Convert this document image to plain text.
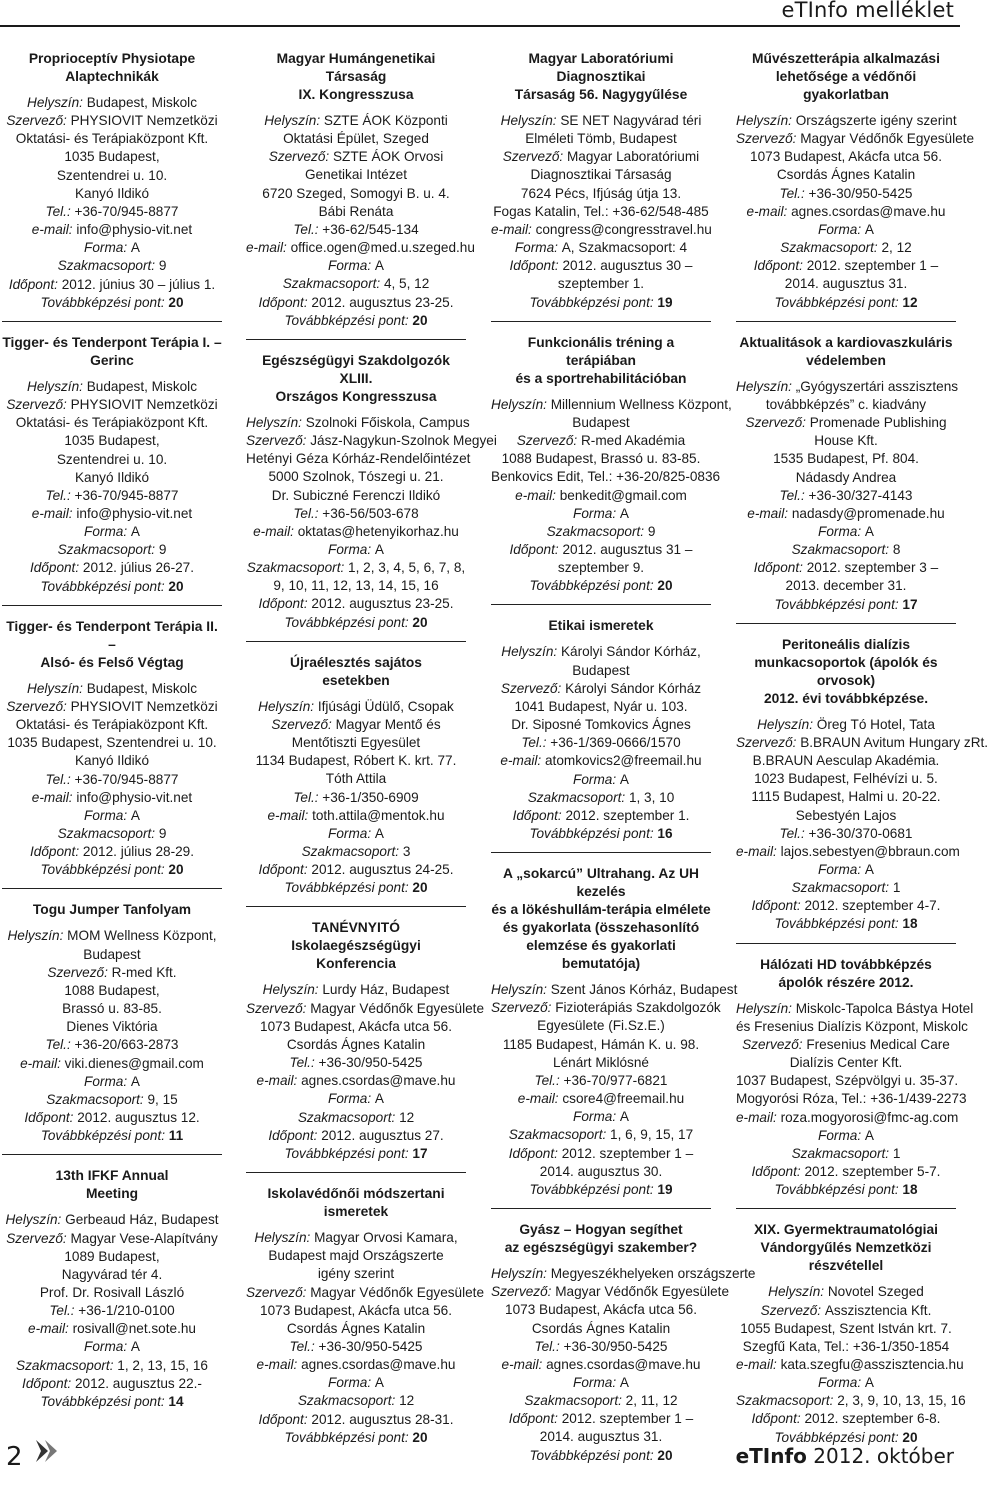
eTInfo melléklet
Proprioceptív Physiotape
Alaptechnikák
Helyszín: Budapest, Miskolc
Szervező: PHYSIOVIT Nemzetközi
Oktatási- és Terápiaközpont Kft.
1035 Budapest,
Szentendrei u. 10.
Kanyó Ildikó
Tel.: +36-70/945-8877
e-mail: info@physio-vit.net
Forma: A
Szakmacsoport: 9
Időpont: 2012. június 30 – július 1.
Továbbképzési pont: 20
Tigger- és Tenderpont Terápia I. –
Gerinc
Helyszín: Budapest, Miskolc
Szervező: PHYSIOVIT Nemzetközi
Oktatási- és Terápiaközpont Kft.
1035 Budapest,
Szentendrei u. 10.
Kanyó Ildikó
Tel.: +36-70/945-8877
e-mail: info@physio-vit.net
Forma: A
Szakmacsoport: 9
Időpont: 2012. július 26-27.
Továbbképzési pont: 20
Tigger- és Tenderpont Terápia II. –
Alsó- és Felső Végtag
Helyszín: Budapest, Miskolc
Szervező: PHYSIOVIT Nemzetközi
Oktatási- és Terápiaközpont Kft.
1035 Budapest, Szentendrei u. 10.
Kanyó Ildikó
Tel.: +36-70/945-8877
e-mail: info@physio-vit.net
Forma: A
Szakmacsoport: 9
Időpont: 2012. július 28-29.
Továbbképzési pont: 20
Togu Jumper Tanfolyam
Helyszín: MOM Wellness Központ,
Budapest
Szervező: R-med Kft.
1088 Budapest,
Brassó u. 83-85.
Dienes Viktória
Tel.: +36-20/663-2873
e-mail: viki.dienes@gmail.com
Forma: A
Szakmacsoport: 9, 15
Időpont: 2012. augusztus 12.
Továbbképzési pont: 11
13th IFKF Annual
Meeting
Helyszín: Gerbeaud Ház, Budapest
Szervező: Magyar Vese-Alapítvány
1089 Budapest,
Nagyvárad tér 4.
Prof. Dr. Rosivall László
Tel.: +36-1/210-0100
e-mail: rosivall@net.sote.hu
Forma: A
Szakmacsoport: 1, 2, 13, 15, 16
Időpont: 2012. augusztus 22.-
Továbbképzési pont: 14
Magyar Humángenetikai Társaság
IX. Kongresszusa
Helyszín: SZTE ÁOK Központi
Oktatási Épület, Szeged
Szervező: SZTE ÁOK Orvosi
Genetikai Intézet
6720 Szeged, Somogyi B. u. 4.
Bábi Renáta
Tel.: +36-62/545-134
e-mail: office.ogen@med.u.szeged.hu
Forma: A
Szakmacsoport: 4, 5, 12
Időpont: 2012. augusztus 23-25.
Továbbképzési pont: 20
Egészségügyi Szakdolgozók XLIII.
Országos Kongresszusa
Helyszín: Szolnoki Főiskola, Campus
Szervező: Jász-Nagykun-Szolnok Megyei
Hetényi Géza Kórház-Rendelőintézet
5000 Szolnok, Tószegi u. 21.
Dr. Subiczné Ferenczi Ildikó
Tel.: +36-56/503-678
e-mail: oktatas@hetenyikorhaz.hu
Forma: A
Szakmacsoport: 1, 2, 3, 4, 5, 6, 7, 8,
9, 10, 11, 12, 13, 14, 15, 16
Időpont: 2012. augusztus 23-25.
Továbbképzési pont: 20
Újraélesztés sajátos
esetekben
Helyszín: Ifjúsági Üdülő, Csopak
Szervező: Magyar Mentő és
Mentőtiszti Egyesület
1134 Budapest, Róbert K. krt. 77.
Tóth Attila
Tel.: +36-1/350-6909
e-mail: toth.attila@mentok.hu
Forma: A
Szakmacsoport: 3
Időpont: 2012. augusztus 24-25.
Továbbképzési pont: 20
TANÉVNYITÓ Iskolaegészségügyi
Konferencia
Helyszín: Lurdy Ház, Budapest
Szervező: Magyar Védőnők Egyesülete
1073 Budapest, Akácfa utca 56.
Csordás Ágnes Katalin
Tel.: +36-30/950-5425
e-mail: agnes.csordas@mave.hu
Forma: A
Szakmacsoport: 12
Időpont: 2012. augusztus 27.
Továbbképzési pont: 17
Iskolavédőnői módszertani
ismeretek
Helyszín: Magyar Orvosi Kamara,
Budapest majd Országszerte
igény szerint
Szervező: Magyar Védőnők Egyesülete
1073 Budapest, Akácfa utca 56.
Csordás Ágnes Katalin
Tel.: +36-30/950-5425
e-mail: agnes.csordas@mave.hu
Forma: A
Szakmacsoport: 12
Időpont: 2012. augusztus 28-31.
Továbbképzési pont: 20
Magyar Laboratóriumi Diagnosztikai
Társaság 56. Nagygyűlése
Helyszín: SE NET Nagyvárad téri
Elméleti Tömb, Budapest
Szervező: Magyar Laboratóriumi
Diagnosztikai Társaság
7624 Pécs, Ifjúság útja 13.
Fogas Katalin, Tel.: +36-62/548-485
e-mail: congress@congresstravel.hu
Forma: A, Szakmacsoport: 4
Időpont: 2012. augusztus 30 –
szeptember 1.
Továbbképzési pont: 19
Funkcionális tréning a terápiában
és a sportrehabilitációban
Helyszín: Millennium Wellness Központ,
Budapest
Szervező: R-med Akadémia
1088 Budapest, Brassó u. 83-85.
Benkovics Edit, Tel.: +36-20/825-0836
e-mail: benkedit@gmail.com
Forma: A
Szakmacsoport: 9
Időpont: 2012. augusztus 31 –
szeptember 9.
Továbbképzési pont: 20
Etikai ismeretek
Helyszín: Károlyi Sándor Kórház,
Budapest
Szervező: Károlyi Sándor Kórház
1041 Budapest, Nyár u. 103.
Dr. Siposné Tomkovics Ágnes
Tel.: +36-1/369-0666/1570
e-mail: atomkovics2@freemail.hu
Forma: A
Szakmacsoport: 1, 3, 10
Időpont: 2012. szeptember 1.
Továbbképzési pont: 16
A „sokarcú” Ultrahang. Az UH kezelés
és a lökéshullám-terápia elmélete
és gyakorlata (összehasonlító
elemzése és gyakorlati bemutatója)
Helyszín: Szent János Kórház, Budapest
Szervező: Fizioterápiás Szakdolgozók
Egyesülete (Fi.Sz.E.)
1185 Budapest, Hámán K. u. 98.
Lénárt Miklósné
Tel.: +36-70/977-6821
e-mail: csore4@freemail.hu
Forma: A
Szakmacsoport: 1, 6, 9, 15, 17
Időpont: 2012. szeptember 1 –
2014. augusztus 30.
Továbbképzési pont: 19
Gyász – Hogyan segíthet
az egészségügyi szakember?
Helyszín: Megyeszékhelyeken országszerte
Szervező: Magyar Védőnők Egyesülete
1073 Budapest, Akácfa utca 56.
Csordás Ágnes Katalin
Tel.: +36-30/950-5425
e-mail: agnes.csordas@mave.hu
Forma: A
Szakmacsoport: 2, 11, 12
Időpont: 2012. szeptember 1 –
2014. augusztus 31.
Továbbképzési pont: 20
Művészetterápia alkalmazási
lehetősége a védőnői gyakorlatban
Helyszín: Országszerte igény szerint
Szervező: Magyar Védőnők Egyesülete
1073 Budapest, Akácfa utca 56.
Csordás Ágnes Katalin
Tel.: +36-30/950-5425
e-mail: agnes.csordas@mave.hu
Forma: A
Szakmacsoport: 2, 12
Időpont: 2012. szeptember 1 –
2014. augusztus 31.
Továbbképzési pont: 12
Aktualitások a kardiovaszkuláris
védelemben
Helyszín: „Gyógyszertári asszisztens
továbbképzés” c. kiadvány
Szervező: Promenade Publishing
House Kft.
1535 Budapest, Pf. 804.
Nádasdy Andrea
Tel.: +36-30/327-4143
e-mail: nadasdy@promenade.hu
Forma: A
Szakmacsoport: 8
Időpont: 2012. szeptember 3 –
2013. december 31.
Továbbképzési pont: 17
Peritoneális dialízis
munkacsoportok (ápolók és orvosok)
2012. évi továbbképzése.
Helyszín: Öreg Tó Hotel, Tata
Szervező: B.BRAUN Avitum Hungary zRt.
B.BRAUN Aesculap Akadémia.
1023 Budapest, Felhévízi u. 5.
1115 Budapest, Halmi u. 20-22.
Sebestyén Lajos
Tel.: +36-30/370-0681
e-mail: lajos.sebestyen@bbraun.com
Forma: A
Szakmacsoport: 1
Időpont: 2012. szeptember 4-7.
Továbbképzési pont: 18
Hálózati HD továbbképzés
ápolók részére 2012.
Helyszín: Miskolc-Tapolca Bástya Hotel
és Fresenius Dialízis Központ, Miskolc
Szervező: Fresenius Medical Care
Dialízis Center Kft.
1037 Budapest, Szépvölgyi u. 35-37.
Mogyorósi Róza, Tel.: +36-1/439-2273
e-mail: roza.mogyorosi@fmc-ag.com
Forma: A
Szakmacsoport: 1
Időpont: 2012. szeptember 5-7.
Továbbképzési pont: 18
XIX. Gyermektraumatológiai
Vándorgyűlés Nemzetközi részvétellel
Helyszín: Novotel Szeged
Szervező: Asszisztencia Kft.
1055 Budapest, Szent István krt. 7.
Szegfű Kata, Tel.: +36-1/350-1854
e-mail: kata.szegfu@asszisztencia.hu
Forma: A
Szakmacsoport: 2, 3, 9, 10, 13, 15, 16
Időpont: 2012. szeptember 6-8.
Továbbképzési pont: 20
2	eTInfo 2012. október
